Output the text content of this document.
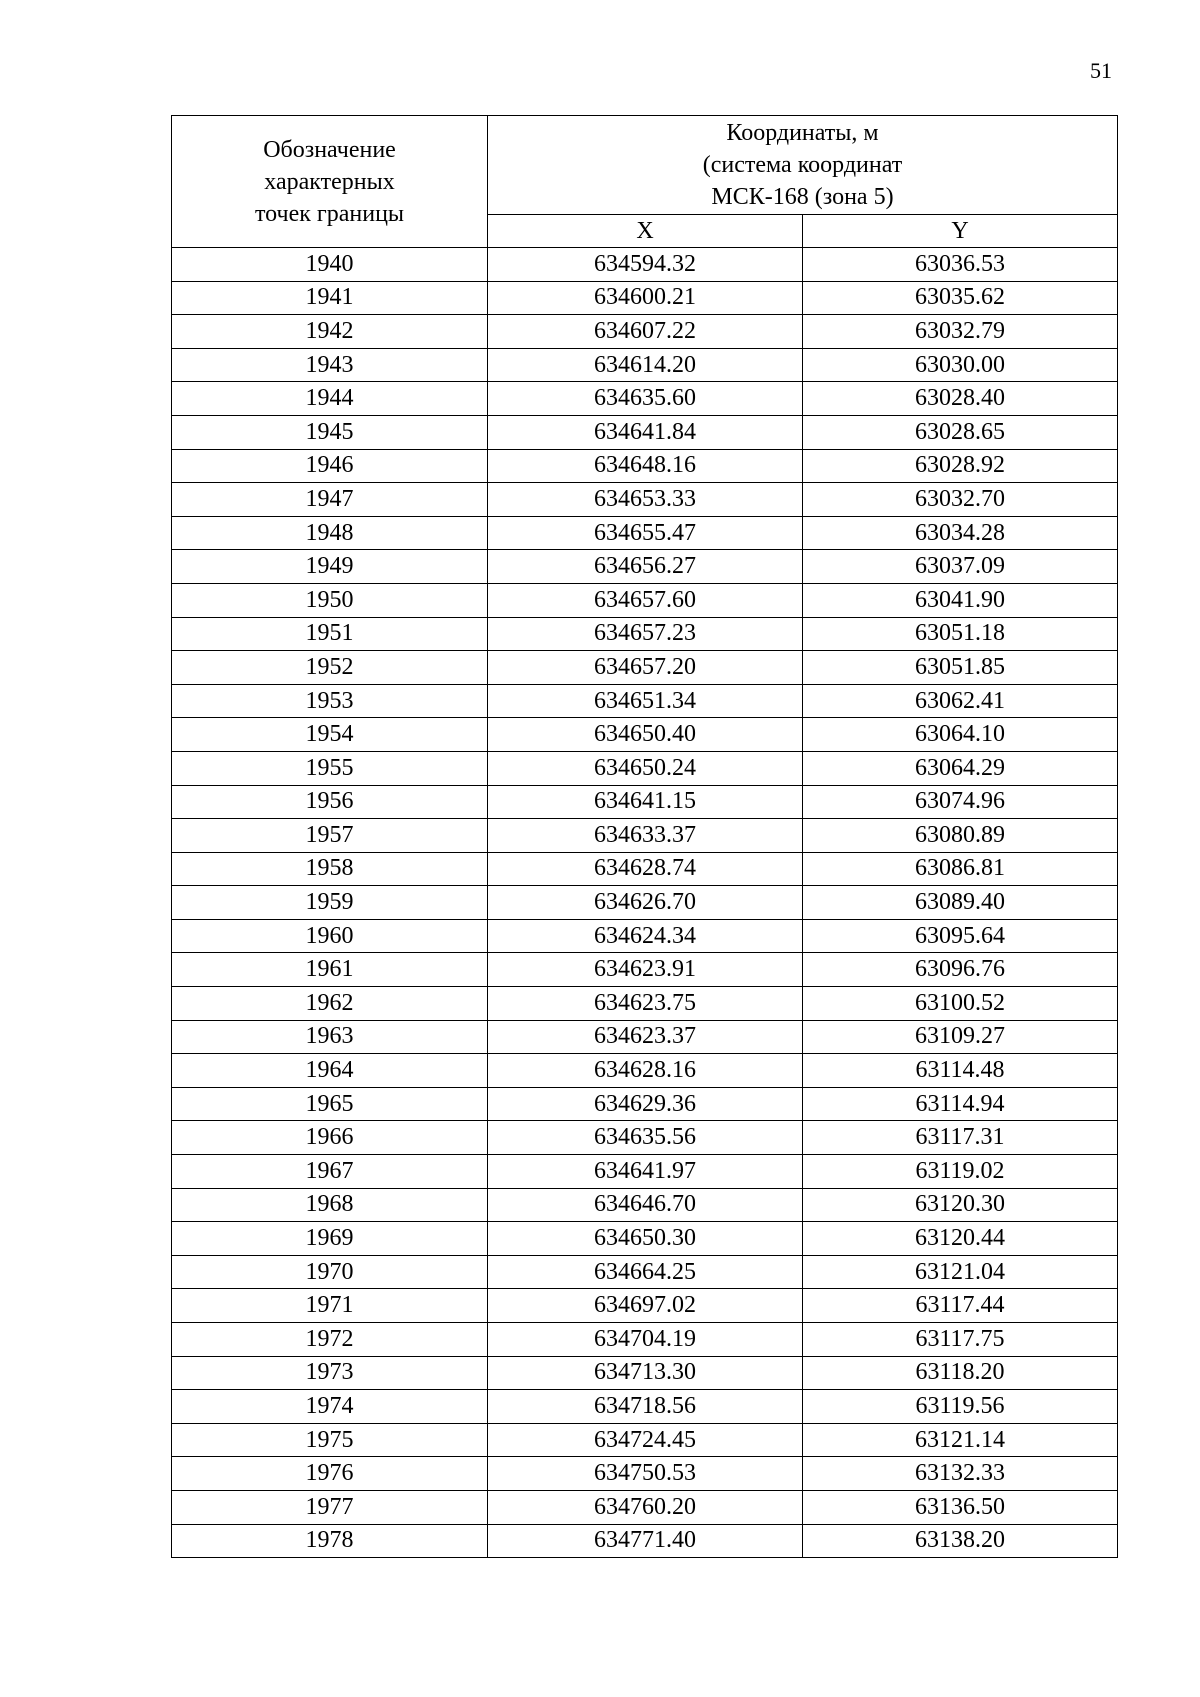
51
Обозначение
характерных
точек границы	Координаты, м
(система координат
МСК-168 (зона 5)	

	X	Y
1940	634594.32	63036.53
1941	634600.21	63035.62
1942	634607.22	63032.79
1943	634614.20	63030.00
1944	634635.60	63028.40
1945	634641.84	63028.65
1946	634648.16	63028.92
1947	634653.33	63032.70
1948	634655.47	63034.28
1949	634656.27	63037.09
1950	634657.60	63041.90
1951	634657.23	63051.18
1952	634657.20	63051.85
1953	634651.34	63062.41
1954	634650.40	63064.10
1955	634650.24	63064.29
1956	634641.15	63074.96
1957	634633.37	63080.89
1958	634628.74	63086.81
1959	634626.70	63089.40
1960	634624.34	63095.64
1961	634623.91	63096.76
1962	634623.75	63100.52
1963	634623.37	63109.27
1964	634628.16	63114.48
1965	634629.36	63114.94
1966	634635.56	63117.31
1967	634641.97	63119.02
1968	634646.70	63120.30
1969	634650.30	63120.44
1970	634664.25	63121.04
1971	634697.02	63117.44
1972	634704.19	63117.75
1973	634713.30	63118.20
1974	634718.56	63119.56
1975	634724.45	63121.14
1976	634750.53	63132.33
1977	634760.20	63136.50
1978	634771.40	63138.20
